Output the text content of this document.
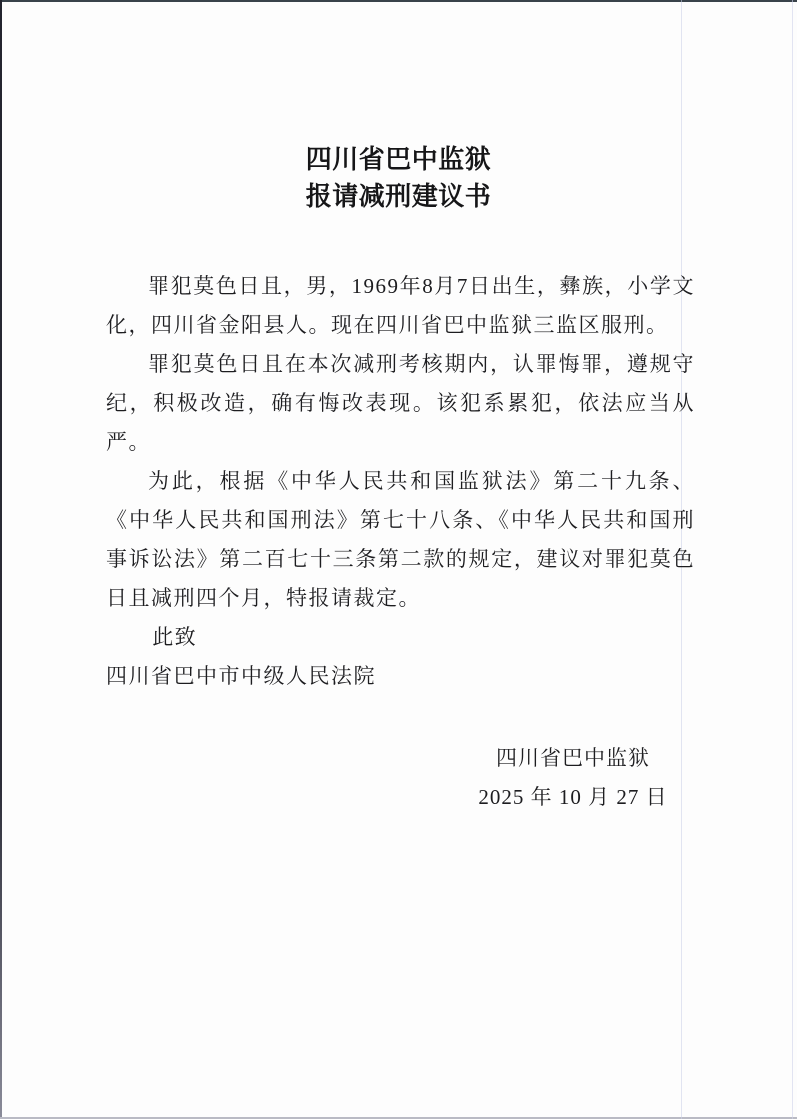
四川省巴中监狱
报请减刑建议书

罪犯莫色日且，男，1969年8月7日出生，彝族，小学文化，四川省金阳县人。现在四川省巴中监狱三监区服刑。

罪犯莫色日且在本次减刑考核期内，认罪悔罪，遵规守纪，积极改造，确有悔改表现。该犯系累犯，依法应当从严。

为此，根据《中华人民共和国监狱法》第二十九条、《中华人民共和国刑法》第七十八条、《中华人民共和国刑事诉讼法》第二百七十三条第二款的规定，建议对罪犯莫色日且减刑四个月，特报请裁定。

此致

四川省巴中市中级人民法院

四川省巴中监狱
2025 年 10 月 27 日
